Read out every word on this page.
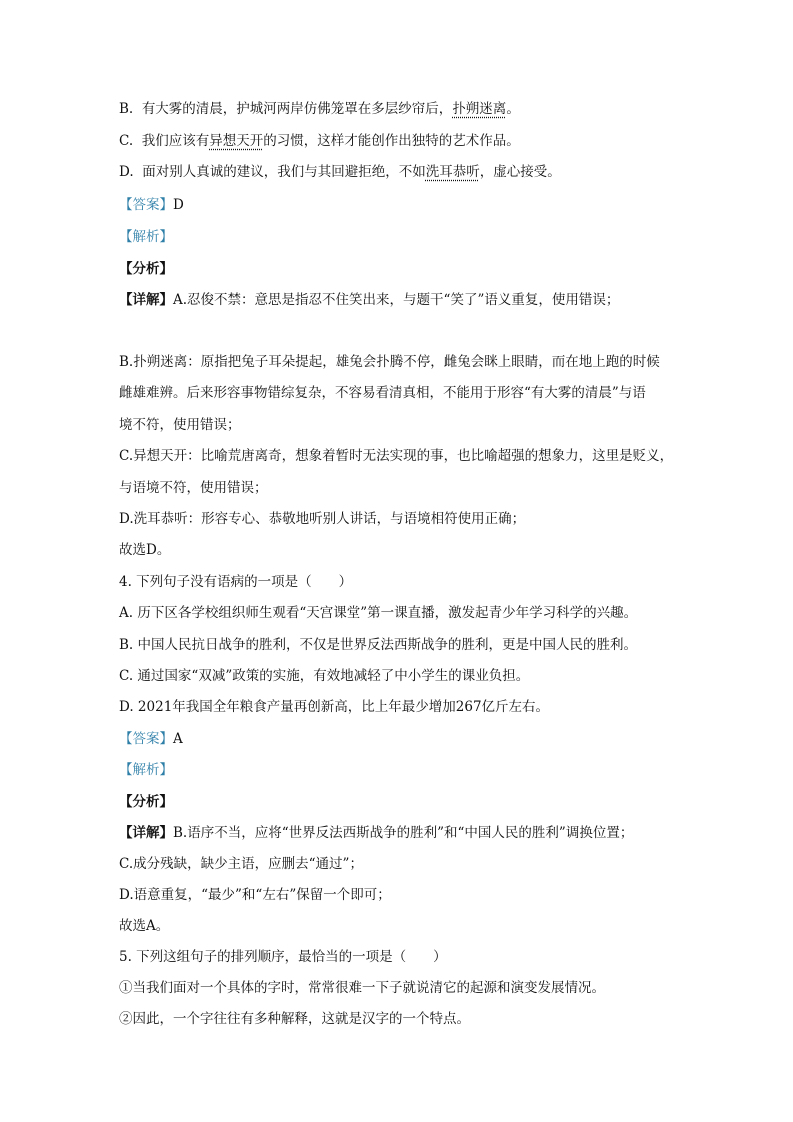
B. 有大雾的清晨，护城河两岸仿佛笼罩在多层纱帘后，扑朔迷离。
C. 我们应该有异想天开的习惯，这样才能创作出独特的艺术作品。
D. 面对别人真诚的建议，我们与其回避拒绝，不如洗耳恭听，虚心接受。
【答案】D
【解析】
【分析】
【详解】A.忍俊不禁：意思是指忍不住笑出来，与题干“笑了”语义重复，使用错误；
B.扑朔迷离：原指把兔子耳朵提起，雄兔会扑腾不停，雌兔会眯上眼睛，而在地上跑的时候
雌雄难辨。后来形容事物错综复杂，不容易看清真相，不能用于形容“有大雾的清晨”与语
境不符，使用错误；
C.异想天开：比喻荒唐离奇，想象着暂时无法实现的事，也比喻超强的想象力，这里是贬义，
与语境不符，使用错误；
D.洗耳恭听：形容专心、恭敬地听别人讲话，与语境相符使用正确；
故选D。
4. 下列句子没有语病的一项是（　　）
A. 历下区各学校组织师生观看“天宫课堂”第一课直播，激发起青少年学习科学的兴趣。
B. 中国人民抗日战争的胜利，不仅是世界反法西斯战争的胜利，更是中国人民的胜利。
C. 通过国家“双减”政策的实施，有效地减轻了中小学生的课业负担。
D. 2021年我国全年粮食产量再创新高，比上年最少增加267亿斤左右。
【答案】A
【解析】
【分析】
【详解】B.语序不当，应将“世界反法西斯战争的胜利”和“中国人民的胜利”调换位置；
C.成分残缺，缺少主语，应删去“通过”；
D.语意重复，“最少”和“左右”保留一个即可；
故选A。
5. 下列这组句子的排列顺序，最恰当的一项是（　　）
①当我们面对一个具体的字时，常常很难一下子就说清它的起源和演变发展情况。
②因此，一个字往往有多种解释，这就是汉字的一个特点。
